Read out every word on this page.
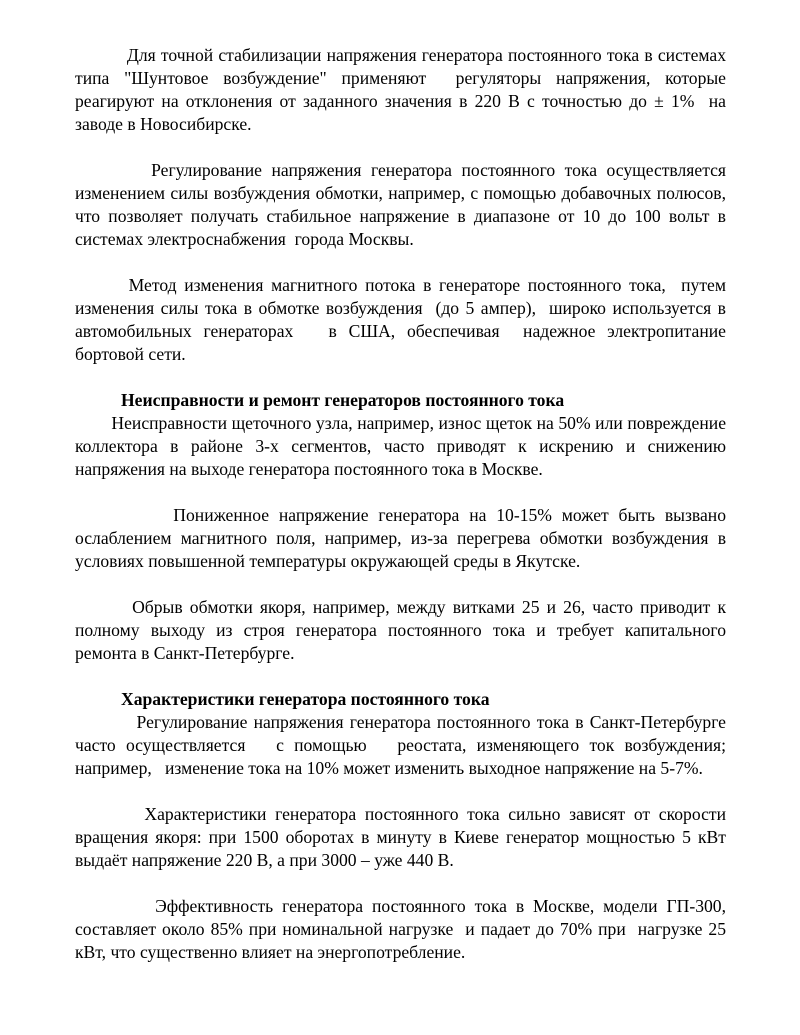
Для точной стабилизации напряжения генератора постоянного тока в системах типа "Шунтовое возбуждение" применяют  регуляторы напряжения, которые реагируют на отклонения от заданного значения в 220 В с точностью до ± 1%  на заводе в Новосибирске.

Регулирование напряжения генератора постоянного тока осуществляется изменением силы возбуждения обмотки, например, с помощью добавочных полюсов, что позволяет получать стабильное напряжение в диапазоне от 10 до 100 вольт в системах электроснабжения  города Москвы.

Метод изменения магнитного потока в генераторе постоянного тока,  путем изменения силы тока в обмотке возбуждения  (до 5 ампер),  широко используется в автомобильных генераторах   в США, обеспечивая  надежное электропитание бортовой сети.

Неисправности и ремонт генераторов постоянного тока

Неисправности щеточного узла, например, износ щеток на 50% или повреждение коллектора в районе 3-х сегментов, часто приводят к искрению и снижению напряжения на выходе генератора постоянного тока в Москве.

Пониженное напряжение генератора на 10-15% может быть вызвано ослаблением магнитного поля, например, из-за перегрева обмотки возбуждения в условиях повышенной температуры окружающей среды в Якутске.

Обрыв обмотки якоря, например, между витками 25 и 26, часто приводит к полному выходу из строя генератора постоянного тока и требует капитального ремонта в Санкт-Петербурге.

Характеристики генератора постоянного тока

Регулирование напряжения генератора постоянного тока в Санкт-Петербурге часто осуществляется   с помощью   реостата, изменяющего ток возбуждения;   например,   изменение тока на 10% может изменить выходное напряжение на 5-7%.

Характеристики генератора постоянного тока сильно зависят от скорости вращения якоря: при 1500 оборотах в минуту в Киеве генератор мощностью 5 кВт выдаёт напряжение 220 В, а при 3000 – уже 440 В.

Эффективность генератора постоянного тока в Москве, модели ГП-300, составляет около 85% при номинальной нагрузке  и падает до 70% при  нагрузке 25 кВт, что существенно влияет на энергопотребление.
